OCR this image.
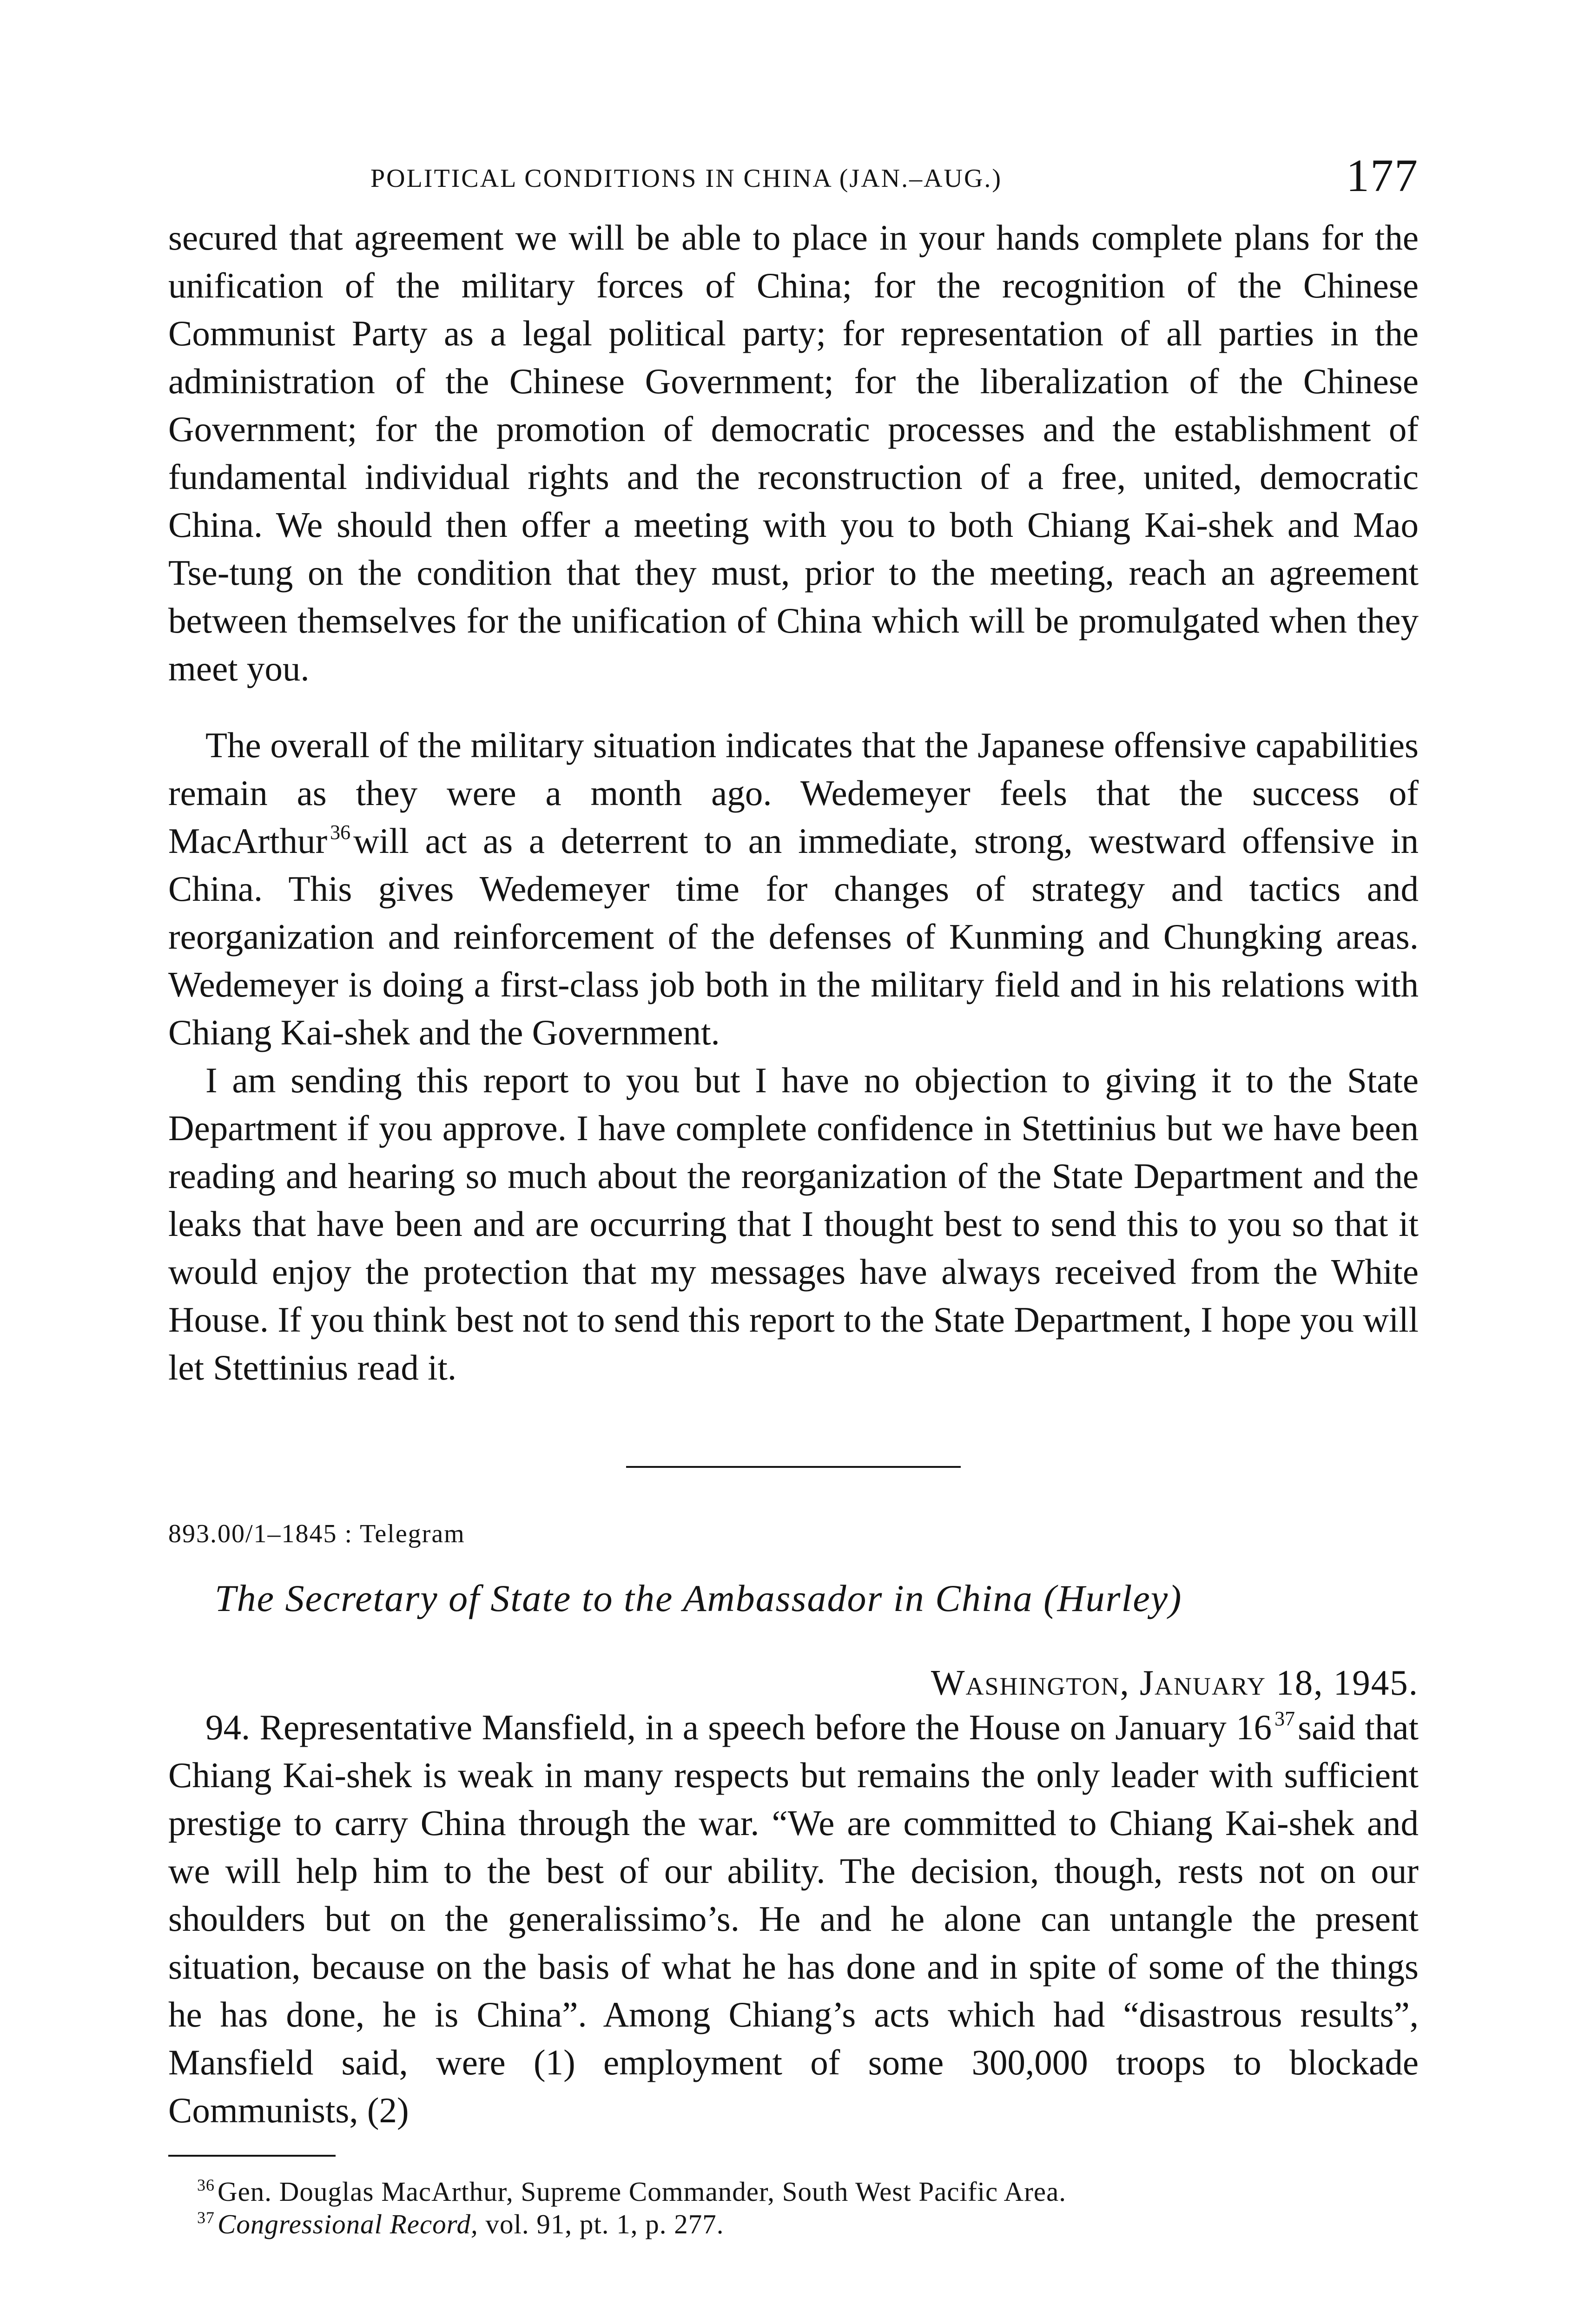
POLITICAL CONDITIONS IN CHINA (JAN.–AUG.)	177

secured that agreement we will be able to place in your hands complete plans for the unification of the military forces of China; for the recognition of the Chinese Communist Party as a legal political party; for representation of all parties in the administration of the Chinese Government; for the liberalization of the Chinese Government; for the promotion of democratic processes and the establishment of fundamental individual rights and the reconstruction of a free, united, democratic China. We should then offer a meeting with you to both Chiang Kai-shek and Mao Tse-tung on the condition that they must, prior to the meeting, reach an agreement between themselves for the unification of China which will be promulgated when they meet you.

The overall of the military situation indicates that the Japanese offensive capabilities remain as they were a month ago. Wedemeyer feels that the success of MacArthur $^{36}$will act as a deterrent to an immediate, strong, westward offensive in China. This gives Wedemeyer time for changes of strategy and tactics and reorganization and reinforcement of the defenses of Kunming and Chungking areas. Wedemeyer is doing a first-class job both in the military field and in his relations with Chiang Kai-shek and the Government.

I am sending this report to you but I have no objection to giving it to the State Department if you approve. I have complete confidence in Stettinius but we have been reading and hearing so much about the reorganization of the State Department and the leaks that have been and are occurring that I thought best to send this to you so that it would enjoy the protection that my messages have always received from the White House. If you think best not to send this report to the State Department, I hope you will let Stettinius read it.

893.00/1–1845 : Telegram
The Secretary of State to the Ambassador in China (Hurley)
Washington, January 18, 1945.

94. Representative Mansfield, in a speech before the House on January 16 $^{37}$said that Chiang Kai-shek is weak in many respects but remains the only leader with sufficient prestige to carry China through the war. “We are committed to Chiang Kai-shek and we will help him to the best of our ability. The decision, though, rests not on our shoulders but on the generalissimo’s. He and he alone can untangle the present situation, because on the basis of what he has done and in spite of some of the things he has done, he is China”. Among Chiang’s acts which had “disastrous results”, Mansfield said, were (1) employment of some 300,000 troops to blockade Communists, (2)

$^{36}$ Gen. Douglas MacArthur, Supreme Commander, South West Pacific Area.
$^{37}$ Congressional Record, vol. 91, pt. 1, p. 277.
